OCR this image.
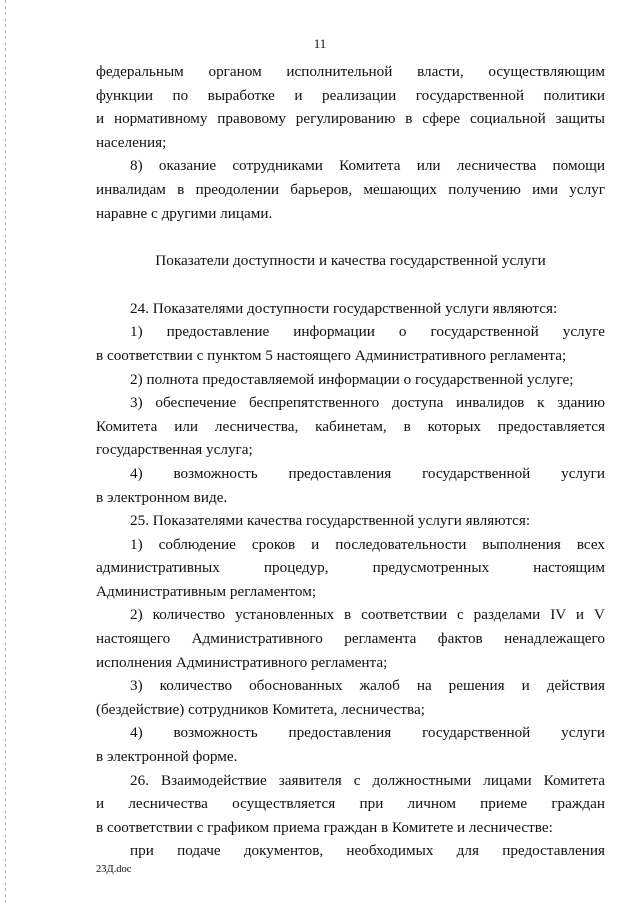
11
федеральным органом исполнительной власти, осуществляющим
функции по выработке и реализации государственной политики
и нормативному правовому регулированию в сфере социальной защиты
населения;
8) оказание сотрудниками Комитета или лесничества помощи
инвалидам в преодолении барьеров, мешающих получению ими услуг
наравне с другими лицами.
Показатели доступности и качества государственной услуги
24. Показателями доступности государственной услуги являются:
1) предоставление информации о государственной услуге
в соответствии с пунктом 5 настоящего Административного регламента;
2) полнота предоставляемой информации о государственной услуге;
3) обеспечение беспрепятственного доступа инвалидов к зданию
Комитета или лесничества, кабинетам, в которых предоставляется
государственная услуга;
4) возможность предоставления государственной услуги
в электронном виде.
25. Показателями качества государственной услуги являются:
1) соблюдение сроков и последовательности выполнения всех
административных процедур, предусмотренных настоящим
Административным регламентом;
2) количество установленных в соответствии с разделами IV и V
настоящего Административного регламента фактов ненадлежащего
исполнения Административного регламента;
3) количество обоснованных жалоб на решения и действия
(бездействие) сотрудников Комитета, лесничества;
4) возможность предоставления государственной услуги
в электронной форме.
26. Взаимодействие заявителя с должностными лицами Комитета
и лесничества осуществляется при личном приеме граждан
в соответствии с графиком приема граждан в Комитете и лесничестве:
при подаче документов, необходимых для предоставления
23Д.doc
